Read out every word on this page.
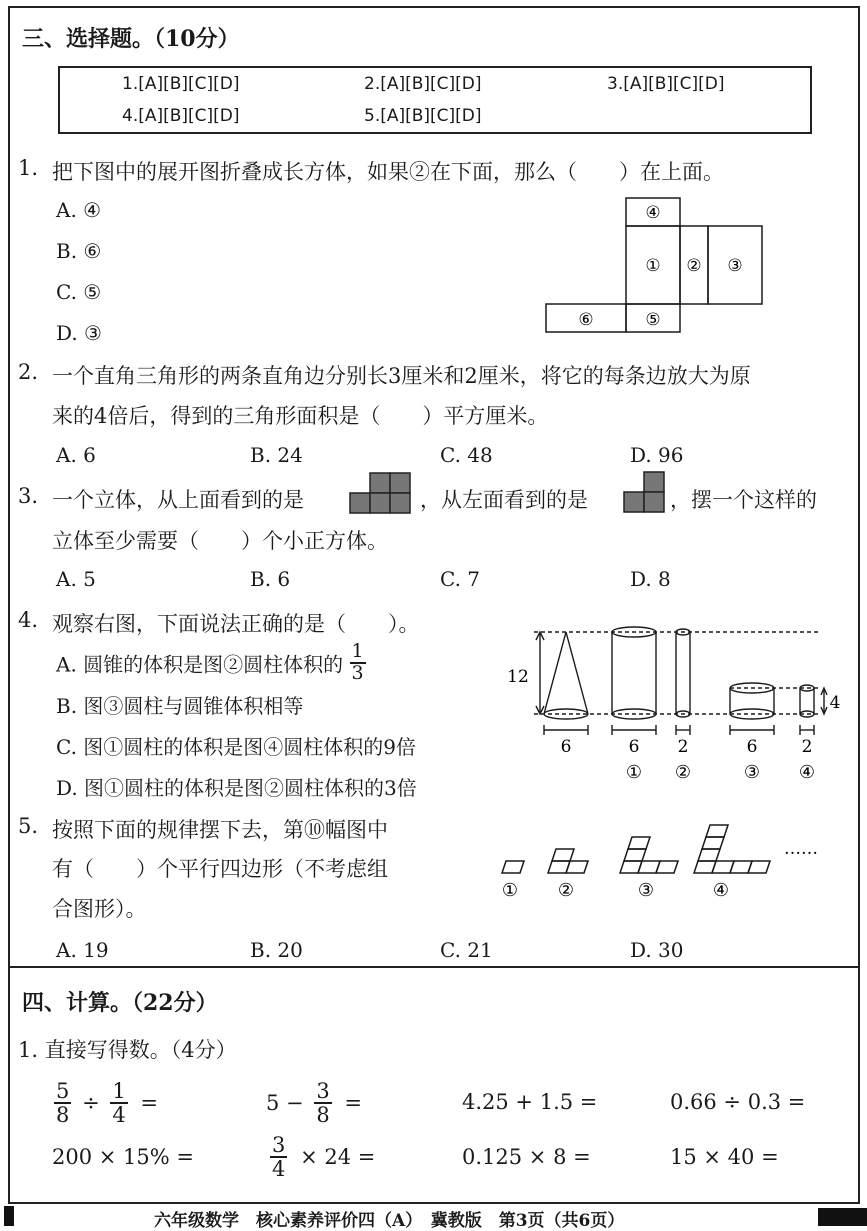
三、选择题。（10分）
1.[A][B][C][D]	2.[A][B][C][D]	3.[A][B][C][D]
4.[A][B][C][D]	5.[A][B][C][D]
1. 把下图中的展开图折叠成长方体，如果②在下面，那么（　　）在上面。
A. ④
B. ⑥
C. ⑤
D. ③
④
① ② ③
⑥	⑤
2. 一个直角三角形的两条直角边分别长3厘米和2厘米，将它的每条边放大为原
来的4倍后，得到的三角形面积是（　　）平方厘米。
A. 6	B. 24	C. 48	D. 96
3. 一个立体，从上面看到的是	，从左面看到的是	，摆一个这样的
立体至少需要（　　）个小正方体。
A. 5	B. 6	C. 7	D. 8
4. 观察右图，下面说法正确的是（　　）。
A. 圆锥的体积是图②圆柱体积的 $\frac{1}{3}$
B. 图③圆柱与圆锥体积相等
C. 图①圆柱的体积是图④圆柱体积的9倍
D. 图①圆柱的体积是图②圆柱体积的3倍
12
4
6	6 2	6	2
① ②	③ ④
5. 按照下面的规律摆下去，第⑩幅图中
有（　　）个平行四边形（不考虑组
合图形）。
① ②	③	④
……
A. 19	B. 20	C. 21	D. 30
四、计算。（22分）
1. 直接写得数。（4分）
$\frac{5}{8} \div \frac{1}{4}$ =	$5 - \frac{3}{8}$ =	4.25 + 1.5 =	0.66 ÷ 0.3 =
200 × 15% =	$\frac{3}{4} \times 24$ =	0.125 × 8 =	15 × 40 =
六年级数学　核心素养评价四（A）　冀教版　第3页（共6页）
